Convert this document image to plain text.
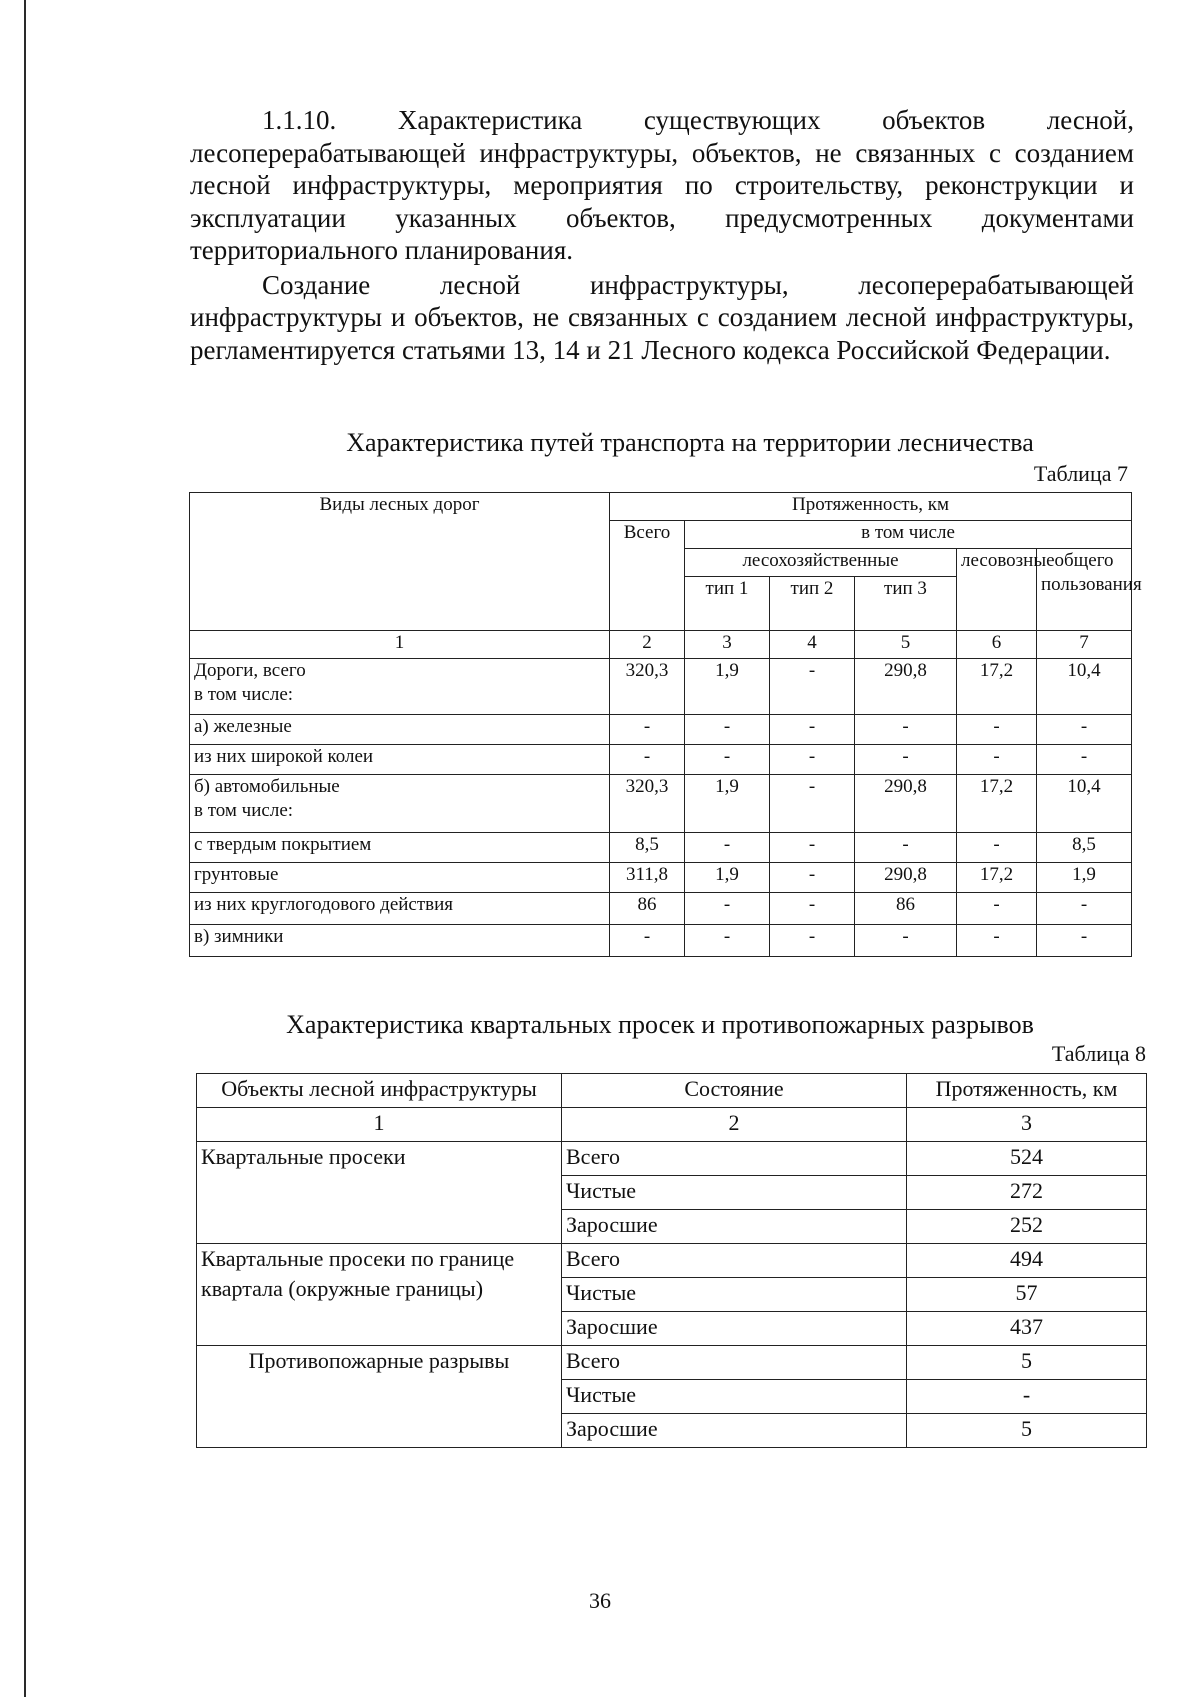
1.1.10. Характеристика существующих объектов лесной, лесоперерабатывающей инфраструктуры, объектов, не связанных с созданием лесной инфраструктуры, мероприятия по строительству, реконструкции и эксплуатации указанных объектов, предусмотренных документами территориального планирования.

Создание лесной инфраструктуры, лесоперерабатывающей инфраструктуры и объектов, не связанных с созданием лесной инфраструктуры, регламентируется статьями 13, 14 и 21 Лесного кодекса Российской Федерации.

Характеристика путей транспорта на территории лесничества
Таблица 7
Виды лесных дорог	Протяженность, км					
	Всего	в том числе				
		лесохозяйственные			лесовозные	общего пользования
		тип 1	тип 2	тип 3		
1	2	3	4	5	6	7

Дороги, всего
в том числе:	320,3	1,9	-	290,8	17,2	10,4
а) железные	-	-	-	-	-	-
из них широкой колеи	-	-	-	-	-	-

б) автомобильные
в том числе:	320,3	1,9	-	290,8	17,2	10,4
с твердым покрытием	8,5	-	-	-	-	8,5
грунтовые	311,8	1,9	-	290,8	17,2	1,9
из них круглогодового действия	86	-	-	86	-	-
в) зимники	-	-	-	-	-	-
Характеристика квартальных просек и противопожарных разрывов
Таблица 8
Объекты лесной инфраструктуры	Состояние	Протяженность, км
1	2	3
Квартальные просеки	Всего	524
	Чистые	272
	Заросшие	252
Квартальные просеки по границе квартала (окружные границы)	Всего	494
	Чистые	57
	Заросшие	437
Противопожарные разрывы	Всего	5
	Чистые	-
	Заросшие	5
36
